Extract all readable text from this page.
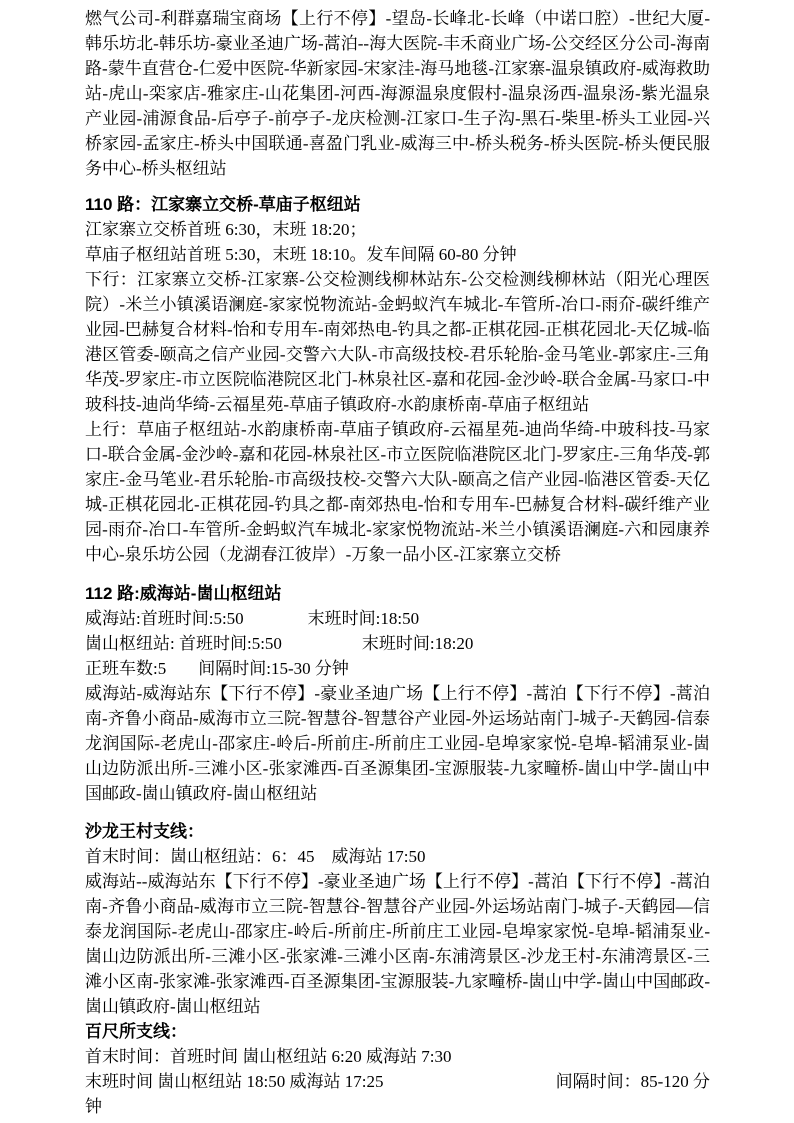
燃气公司-利群嘉瑞宝商场【上行不停】-望岛-长峰北-长峰（中诺口腔）-世纪大厦-韩乐坊北-韩乐坊-豪业圣迪广场-蒿泊--海大医院-丰禾商业广场-公交经区分公司-海南路-蒙牛直营仓-仁爱中医院-华新家园-宋家洼-海马地毯-江家寨-温泉镇政府-威海救助站-虎山-栾家店-雅家庄-山花集团-河西-海源温泉度假村-温泉汤西-温泉汤-紫光温泉产业园-浦源食品-后亭子-前亭子-龙庆检测-江家口-生子沟-黑石-柴里-桥头工业园-兴桥家园-孟家庄-桥头中国联通-喜盈门乳业-威海三中-桥头税务-桥头医院-桥头便民服务中心-桥头枢纽站

110 路：江家寨立交桥-草庙子枢纽站

江家寨立交桥首班 6:30，末班 18:20；

草庙子枢纽站首班 5:30，末班 18:10。发车间隔 60-80 分钟

下行：江家寨立交桥-江家寨-公交检测线柳林站东-公交检测线柳林站（阳光心理医院）-米兰小镇溪语澜庭-家家悦物流站-金蚂蚁汽车城北-车管所-冶口-雨夼-碳纤维产业园-巴赫复合材料-怡和专用车-南郊热电-钓具之都-正棋花园-正棋花园北-天亿城-临港区管委-颐高之信产业园-交警六大队-市高级技校-君乐轮胎-金马笔业-郭家庄-三角华茂-罗家庄-市立医院临港院区北门-林泉社区-嘉和花园-金沙岭-联合金属-马家口-中玻科技-迪尚华绮-云福星苑-草庙子镇政府-水韵康桥南-草庙子枢纽站

上行：草庙子枢纽站-水韵康桥南-草庙子镇政府-云福星苑-迪尚华绮-中玻科技-马家口-联合金属-金沙岭-嘉和花园-林泉社区-市立医院临港院区北门-罗家庄-三角华茂-郭家庄-金马笔业-君乐轮胎-市高级技校-交警六大队-颐高之信产业园-临港区管委-天亿城-正棋花园北-正棋花园-钓具之都-南郊热电-怡和专用车-巴赫复合材料-碳纤维产业园-雨夼-冶口-车管所-金蚂蚁汽车城北-家家悦物流站-米兰小镇溪语澜庭-六和园康养中心-泉乐坊公园（龙湖春江彼岸）-万象一品小区-江家寨立交桥

112 路:威海站-崮山枢纽站

威海站:首班时间:5:50	末班时间:18:50

崮山枢纽站: 首班时间:5:50	末班时间:18:20

正班车数:5 间隔时间:15-30 分钟

威海站-威海站东【下行不停】-豪业圣迪广场【上行不停】-蒿泊【下行不停】-蒿泊南-齐鲁小商品-威海市立三院-智慧谷-智慧谷产业园-外运场站南门-城子-天鹤园-信泰龙润国际-老虎山-邵家庄-岭后-所前庄-所前庄工业园-皂埠家家悦-皂埠-韬浦泵业-崮山边防派出所-三滩小区-张家滩西-百圣源集团-宝源服装-九家疃桥-崮山中学-崮山中国邮政-崮山镇政府-崮山枢纽站

沙龙王村支线：

首末时间：崮山枢纽站：6：45　威海站 17:50

威海站--威海站东【下行不停】-豪业圣迪广场【上行不停】-蒿泊【下行不停】-蒿泊南-齐鲁小商品-威海市立三院-智慧谷-智慧谷产业园-外运场站南门-城子-天鹤园—信泰龙润国际-老虎山-邵家庄-岭后-所前庄-所前庄工业园-皂埠家家悦-皂埠-韬浦泵业-崮山边防派出所-三滩小区-张家滩-三滩小区南-东浦湾景区-沙龙王村-东浦湾景区-三滩小区南-张家滩-张家滩西-百圣源集团-宝源服装-九家疃桥-崮山中学-崮山中国邮政-崮山镇政府-崮山枢纽站

百尺所支线：

首末时间：首班时间 崮山枢纽站 6:20 威海站 7:30

末班时间 崮山枢纽站 18:50 威海站 17:25	间隔时间：85-120 分

钟
